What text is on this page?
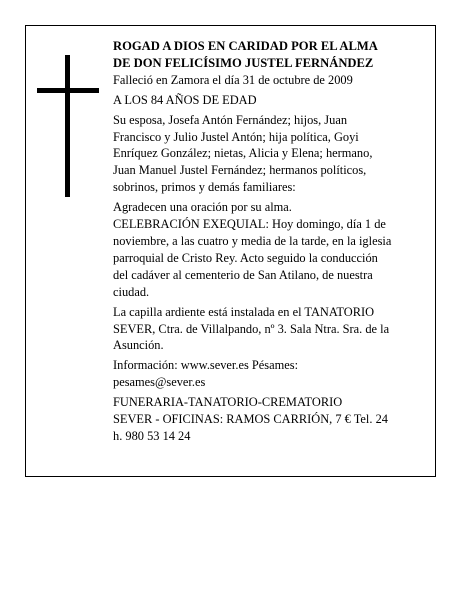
ROGAD A DIOS EN CARIDAD POR EL ALMA

DE DON FELICÍSIMO JUSTEL FERNÁNDEZ

Falleció en Zamora el día 31 de octubre de 2009

A LOS 84 AÑOS DE EDAD

Su esposa, Josefa Antón Fernández; hijos, Juan

Francisco y Julio Justel Antón; hija política, Goyi

Enríquez González; nietas, Alicia y Elena; hermano,

Juan Manuel Justel Fernández; hermanos políticos,

sobrinos, primos y demás familiares:

Agradecen una oración por su alma.

CELEBRACIÓN EXEQUIAL: Hoy domingo, día 1 de

noviembre, a las cuatro y media de la tarde, en la iglesia

parroquial de Cristo Rey. Acto seguido la conducción

del cadáver al cementerio de San Atilano, de nuestra

ciudad.

La capilla ardiente está instalada en el TANATORIO

SEVER, Ctra. de Villalpando, nº 3. Sala Ntra. Sra. de la

Asunción.

Información: www.sever.es Pésames:

pesames@sever.es

FUNERARIA-TANATORIO-CREMATORIO

SEVER - OFICINAS: RAMOS CARRIÓN, 7 € Tel. 24

h. 980 53 14 24
